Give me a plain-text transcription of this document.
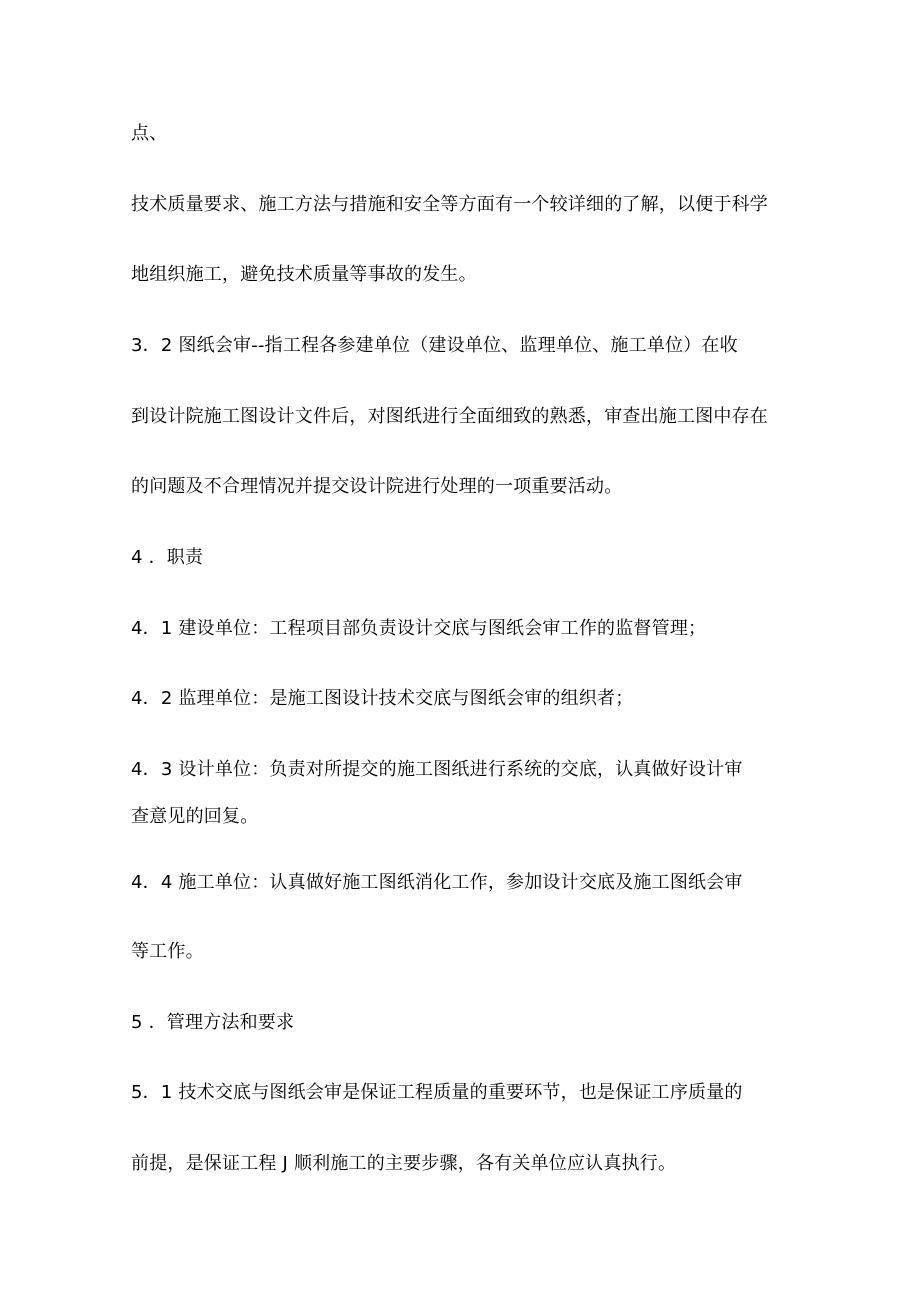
点、
技术质量要求、施工方法与措施和安全等方面有一个较详细的了解，以便于科学
地组织施工，避免技术质量等事故的发生。
3．2 图纸会审--指工程各参建单位（建设单位、监理单位、施工单位）在收
到设计院施工图设计文件后，对图纸进行全面细致的熟悉，审查出施工图中存在
的问题及不合理情况并提交设计院进行处理的一项重要活动。
4 ．职责
4．1 建设单位：工程项目部负责设计交底与图纸会审工作的监督管理；
4．2 监理单位：是施工图设计技术交底与图纸会审的组织者；
4．3 设计单位：负责对所提交的施工图纸进行系统的交底，认真做好设计审
查意见的回复。
4．4 施工单位：认真做好施工图纸消化工作，参加设计交底及施工图纸会审
等工作。
5 ．管理方法和要求
5．1 技术交底与图纸会审是保证工程质量的重要环节，也是保证工序质量的
前提，是保证工程 J 顺利施工的主要步骤，各有关单位应认真执行。
